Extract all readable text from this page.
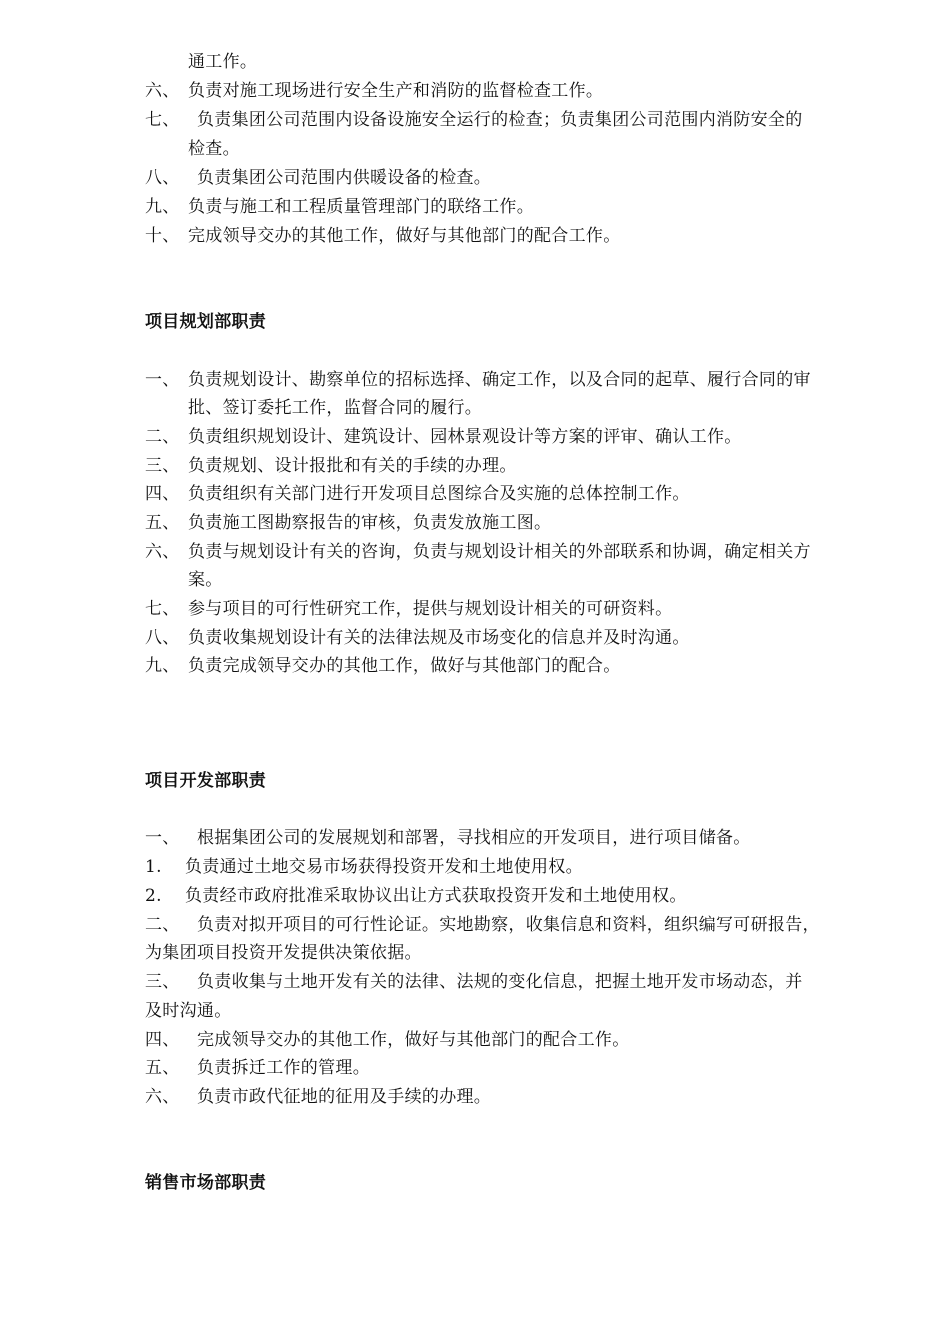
通工作。
六、 负责对施工现场进行安全生产和消防的监督检查工作。
七、 负责集团公司范围内设备设施安全运行的检查；负责集团公司范围内消防安全的
检查。
八、 负责集团公司范围内供暖设备的检查。
九、 负责与施工和工程质量管理部门的联络工作。
十、 完成领导交办的其他工作，做好与其他部门的配合工作。
项目规划部职责
一、 负责规划设计、勘察单位的招标选择、确定工作，以及合同的起草、履行合同的审
批、签订委托工作，监督合同的履行。
二、 负责组织规划设计、建筑设计、园林景观设计等方案的评审、确认工作。
三、 负责规划、设计报批和有关的手续的办理。
四、 负责组织有关部门进行开发项目总图综合及实施的总体控制工作。
五、 负责施工图勘察报告的审核，负责发放施工图。
六、 负责与规划设计有关的咨询，负责与规划设计相关的外部联系和协调，确定相关方
案。
七、 参与项目的可行性研究工作，提供与规划设计相关的可研资料。
八、 负责收集规划设计有关的法律法规及市场变化的信息并及时沟通。
九、 负责完成领导交办的其他工作，做好与其他部门的配合。
项目开发部职责
一、 根据集团公司的发展规划和部署，寻找相应的开发项目，进行项目储备。
1. 负责通过土地交易市场获得投资开发和土地使用权。
2. 负责经市政府批准采取协议出让方式获取投资开发和土地使用权。
二、 负责对拟开项目的可行性论证。实地勘察，收集信息和资料，组织编写可研报告，
为集团项目投资开发提供决策依据。
三、 负责收集与土地开发有关的法律、法规的变化信息，把握土地开发市场动态，并
及时沟通。
四、 完成领导交办的其他工作，做好与其他部门的配合工作。
五、 负责拆迁工作的管理。
六、 负责市政代征地的征用及手续的办理。
销售市场部职责
